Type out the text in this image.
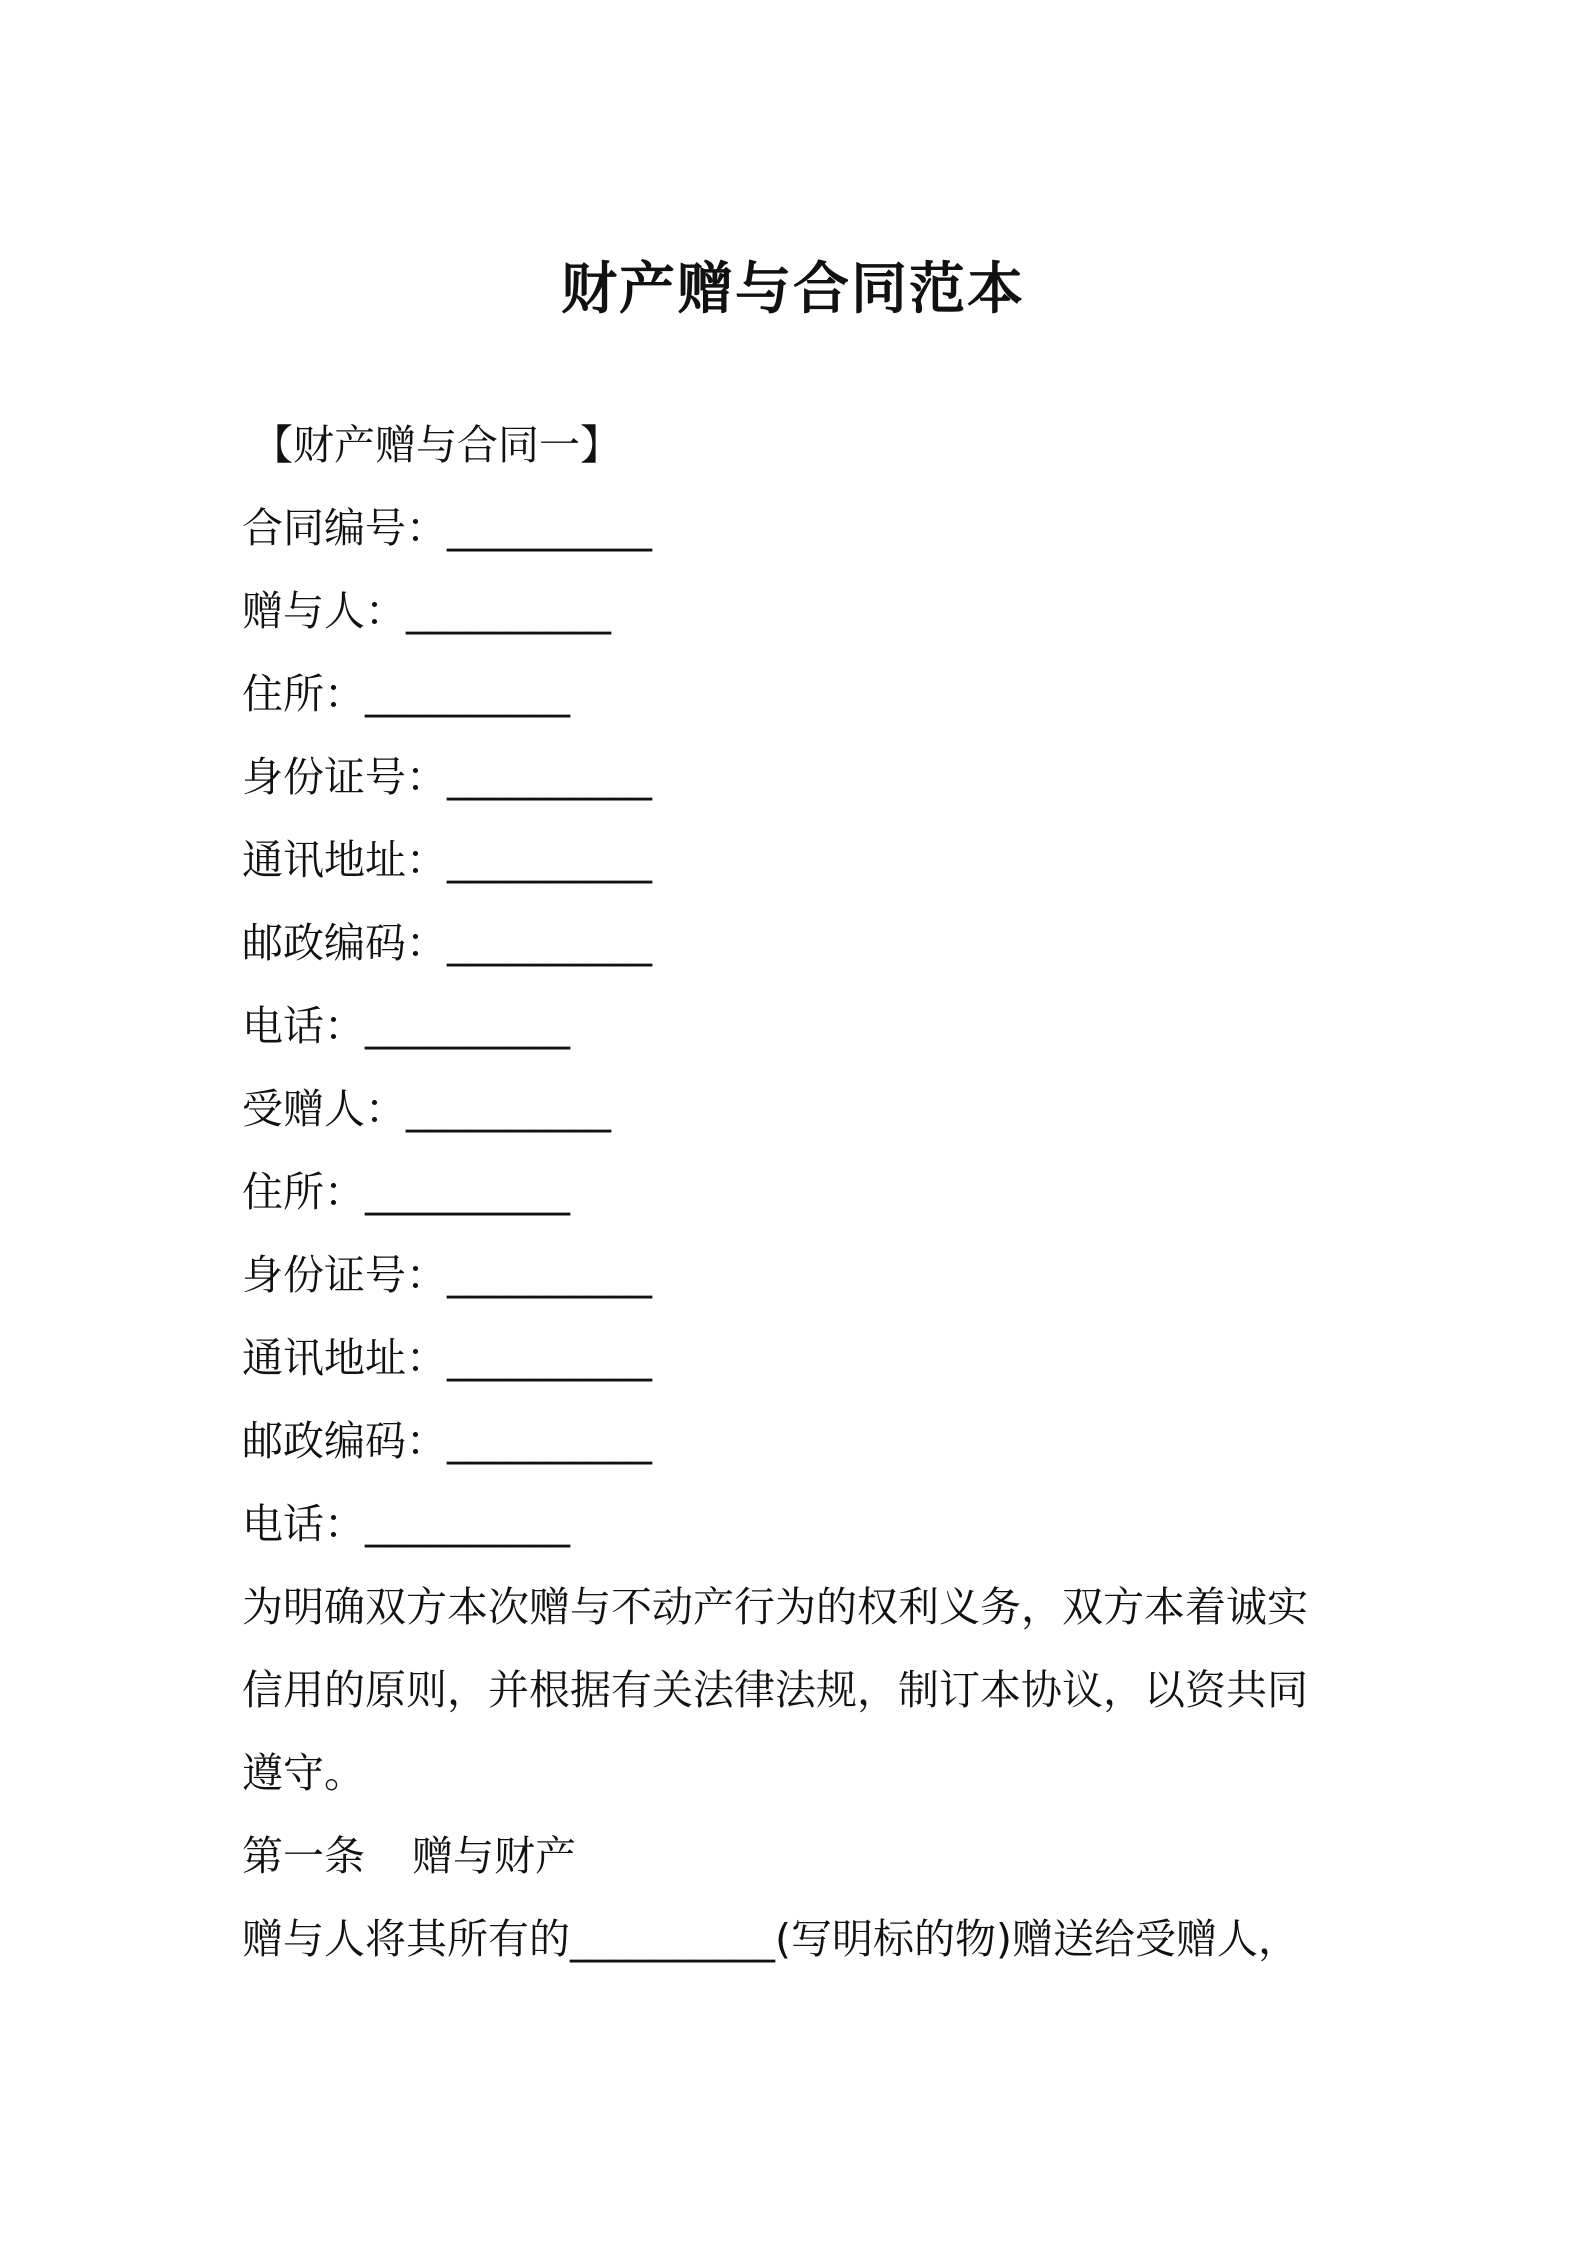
财产赠与合同范本
【财产赠与合同一】
合同编号：__________
赠与人：__________
住所：__________
身份证号：__________
通讯地址：__________
邮政编码：__________
电话：__________
受赠人：__________
住所：__________
身份证号：__________
通讯地址：__________
邮政编码：__________
电话：__________
为明确双方本次赠与不动产行为的权利义务，双方本着诚实
信用的原则，并根据有关法律法规，制订本协议，以资共同
遵守。
第一条 赠与财产
赠与人将其所有的__________(写明标的物)赠送给受赠人，
